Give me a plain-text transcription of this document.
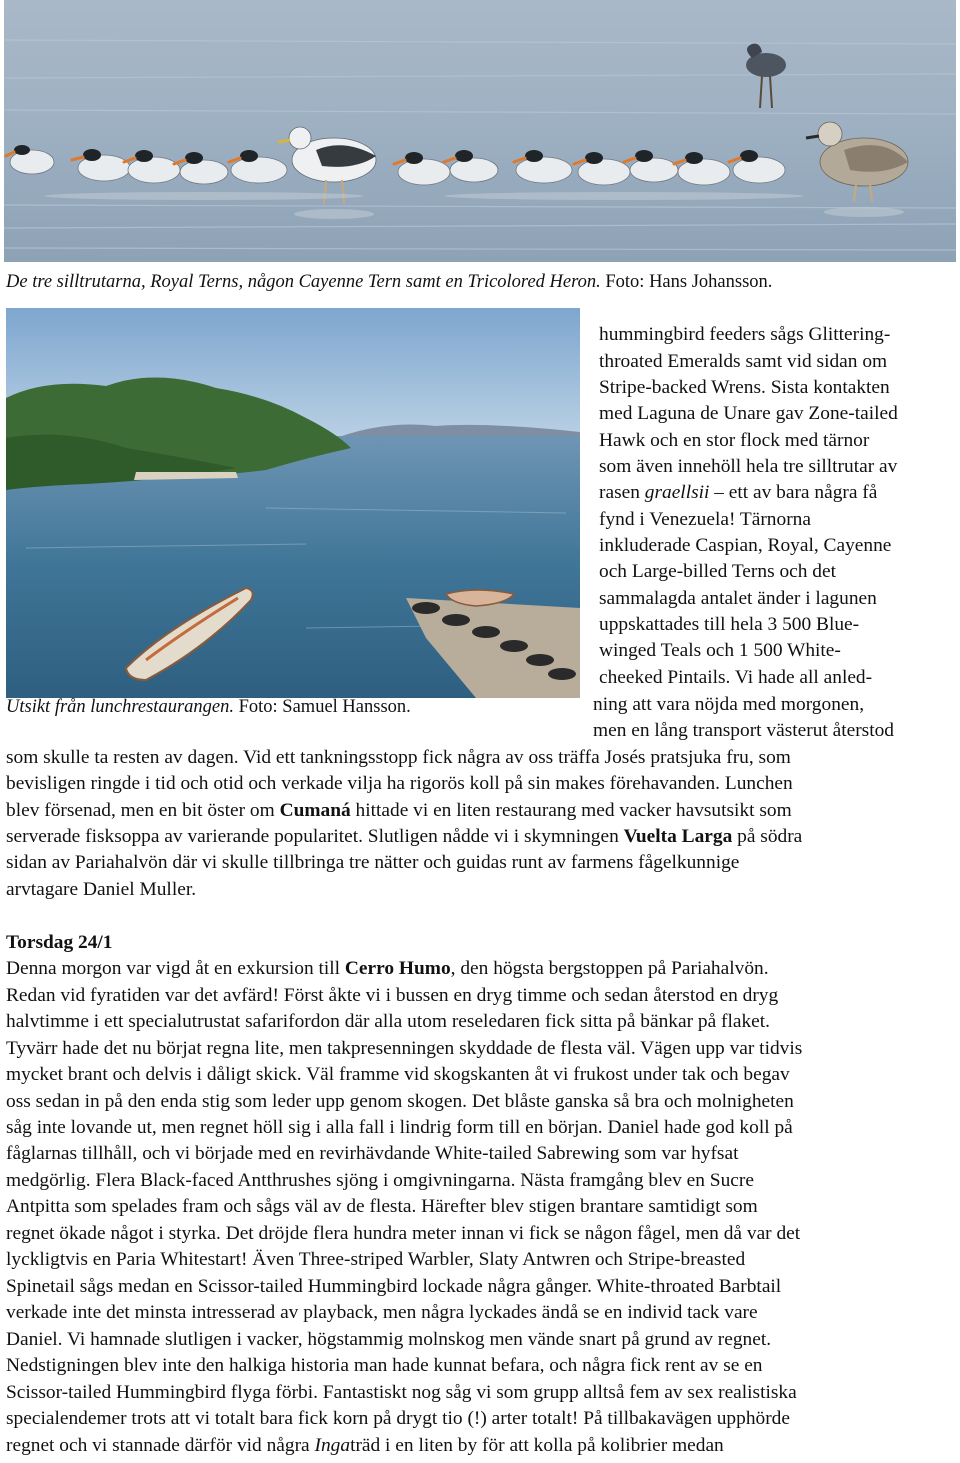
De tre silltrutarna, Royal Terns, någon Cayenne Tern samt en Tricolored Heron. Foto: Hans Johansson.
Utsikt från lunchrestaurangen. Foto: Samuel Hansson.
hummingbird feeders sågs Glittering-
throated Emeralds samt vid sidan om
Stripe-backed Wrens. Sista kontakten
med Laguna de Unare gav Zone-tailed
Hawk och en stor flock med tärnor
som även innehöll hela tre silltrutar av
rasen graellsii – ett av bara några få
fynd i Venezuela! Tärnorna
inkluderade Caspian, Royal, Cayenne
och Large-billed Terns och det
sammalagda antalet änder i lagunen
uppskattades till hela 3 500 Blue-
winged Teals och 1 500 White-
cheeked Pintails. Vi hade all anled-
ning att vara nöjda med morgonen,
men en lång transport västerut återstod
som skulle ta resten av dagen. Vid ett tankningsstopp fick några av oss träffa Josés pratsjuka fru, som
bevisligen ringde i tid och otid och verkade vilja ha rigorös koll på sin makes förehavanden. Lunchen
blev försenad, men en bit öster om Cumaná hittade vi en liten restaurang med vacker havsutsikt som
serverade fisksoppa av varierande popularitet. Slutligen nådde vi i skymningen Vuelta Larga på södra
sidan av Pariahalvön där vi skulle tillbringa tre nätter och guidas runt av farmens fågelkunnige
arvtagare Daniel Muller.
Torsdag 24/1
Denna morgon var vigd åt en exkursion till Cerro Humo, den högsta bergstoppen på Pariahalvön.
Redan vid fyratiden var det avfärd! Först åkte vi i bussen en dryg timme och sedan återstod en dryg
halvtimme i ett specialutrustat safarifordon där alla utom reseledaren fick sitta på bänkar på flaket.
Tyvärr hade det nu börjat regna lite, men takpresenningen skyddade de flesta väl. Vägen upp var tidvis
mycket brant och delvis i dåligt skick. Väl framme vid skogskanten åt vi frukost under tak och begav
oss sedan in på den enda stig som leder upp genom skogen. Det blåste ganska så bra och molnigheten
såg inte lovande ut, men regnet höll sig i alla fall i lindrig form till en början. Daniel hade god koll på
fåglarnas tillhåll, och vi började med en revirhävdande White-tailed Sabrewing som var hyfsat
medgörlig. Flera Black-faced Antthrushes sjöng i omgivningarna. Nästa framgång blev en Sucre
Antpitta som spelades fram och sågs väl av de flesta. Härefter blev stigen brantare samtidigt som
regnet ökade något i styrka. Det dröjde flera hundra meter innan vi fick se någon fågel, men då var det
lyckligtvis en Paria Whitestart! Även Three-striped Warbler, Slaty Antwren och Stripe-breasted
Spinetail sågs medan en Scissor-tailed Hummingbird lockade några gånger. White-throated Barbtail
verkade inte det minsta intresserad av playback, men några lyckades ändå se en individ tack vare
Daniel. Vi hamnade slutligen i vacker, högstammig molnskog men vände snart på grund av regnet.
Nedstigningen blev inte den halkiga historia man hade kunnat befara, och några fick rent av se en
Scissor-tailed Hummingbird flyga förbi. Fantastiskt nog såg vi som grupp alltså fem av sex realistiska
specialendemer trots att vi totalt bara fick korn på drygt tio (!) arter totalt! På tillbakavägen upphörde
regnet och vi stannade därför vid några Ingaträd i en liten by för att kolla på kolibrier medan
